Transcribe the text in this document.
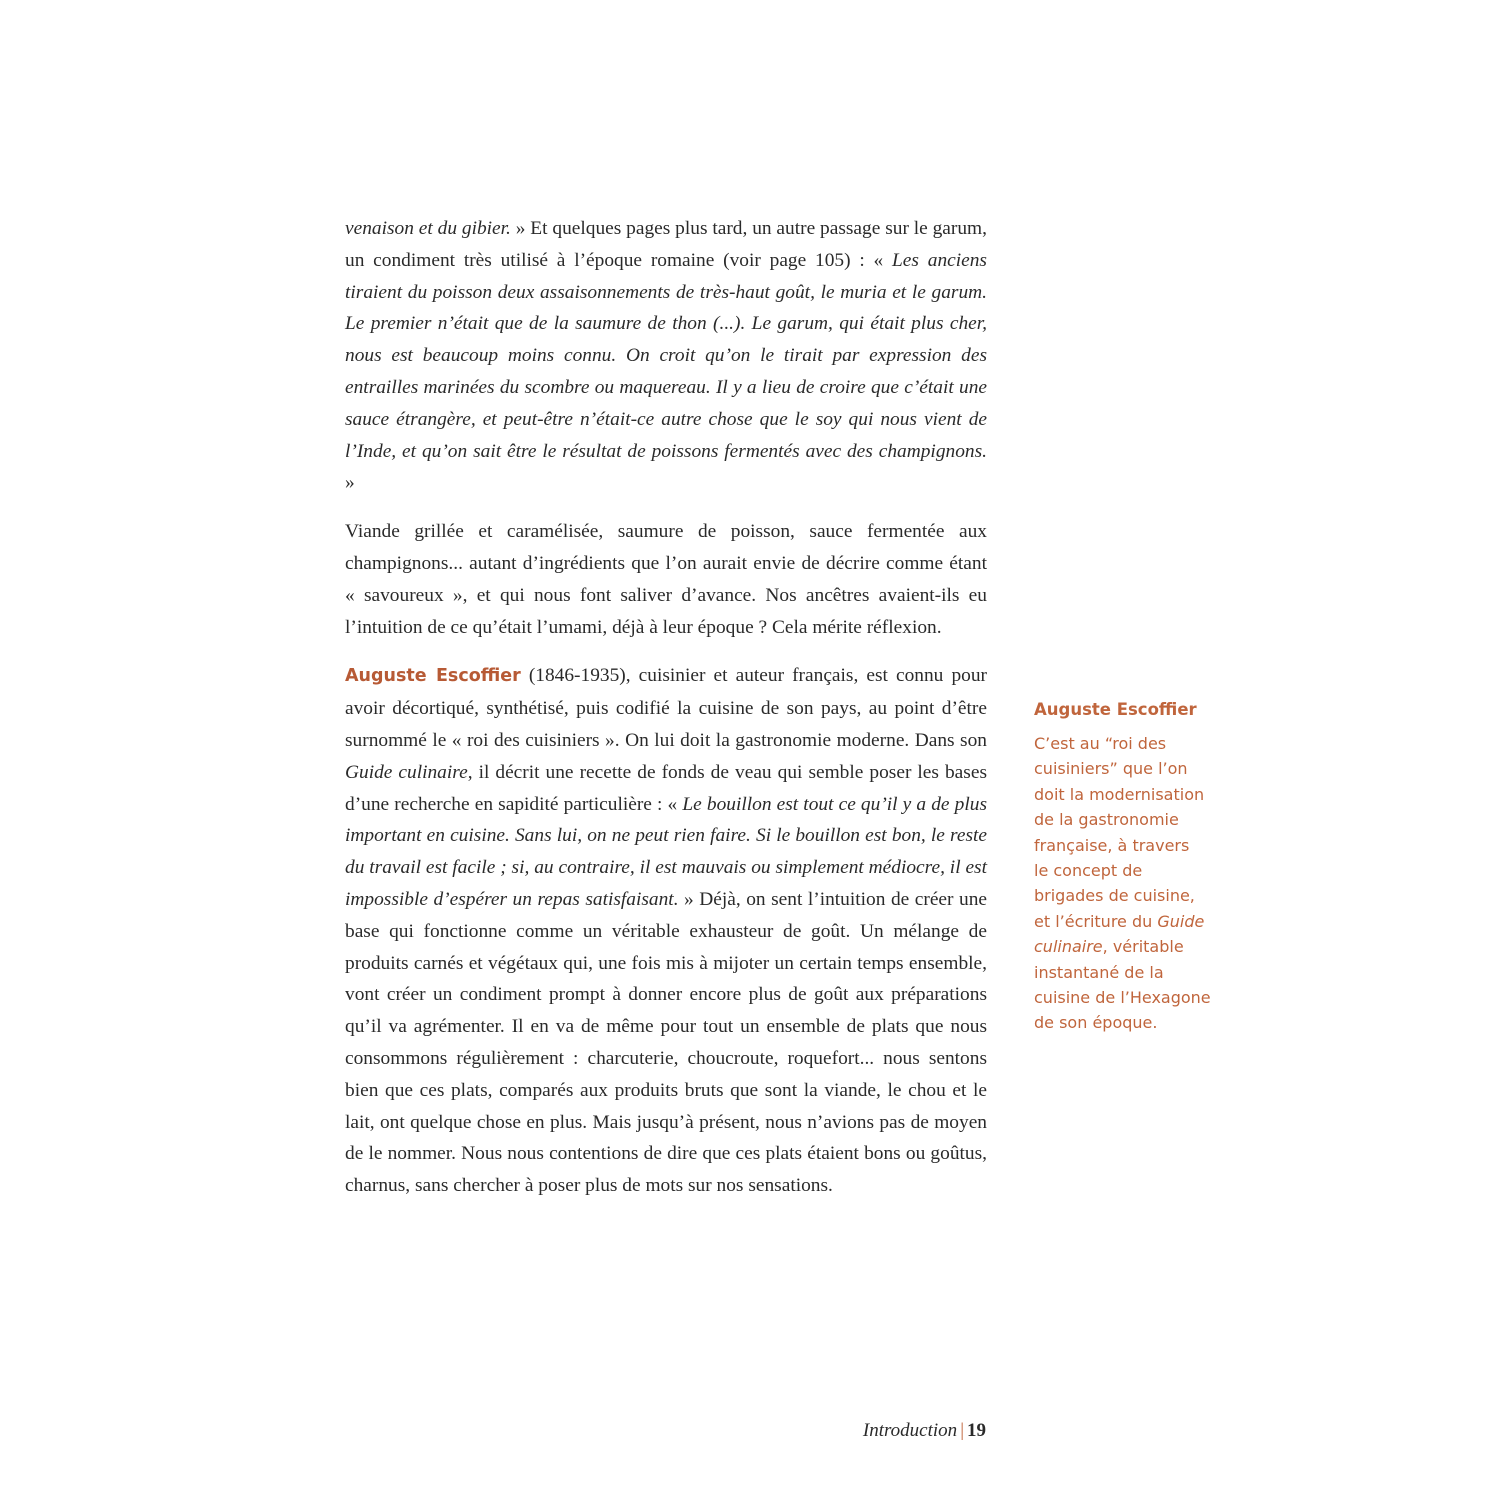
venaison et du gibier. » Et quelques pages plus tard, un autre passage sur le garum, un condiment très utilisé à l’époque romaine (voir page 105) : « Les anciens tiraient du poisson deux assaisonnements de très-haut goût, le muria et le garum. Le premier n’était que de la saumure de thon (...). Le garum, qui était plus cher, nous est beaucoup moins connu. On croit qu’on le tirait par expression des entrailles marinées du scombre ou maquereau. Il y a lieu de croire que c’était une sauce étrangère, et peut-être n’était-ce autre chose que le soy qui nous vient de l’Inde, et qu’on sait être le résultat de poissons fermentés avec des champignons. »

Viande grillée et caramélisée, saumure de poisson, sauce fermentée aux champignons... autant d’ingrédients que l’on aurait envie de décrire comme étant « savoureux », et qui nous font saliver d’avance. Nos ancêtres avaient-ils eu l’intuition de ce qu’était l’umami, déjà à leur époque ? Cela mérite réflexion.

Auguste Escoffier (1846-1935), cuisinier et auteur français, est connu pour avoir décortiqué, synthétisé, puis codifié la cuisine de son pays, au point d’être surnommé le « roi des cuisiniers ». On lui doit la gastronomie moderne. Dans son Guide culinaire, il décrit une recette de fonds de veau qui semble poser les bases d’une recherche en sapidité particulière : « Le bouillon est tout ce qu’il y a de plus important en cuisine. Sans lui, on ne peut rien faire. Si le bouillon est bon, le reste du travail est facile ; si, au contraire, il est mauvais ou simplement médiocre, il est impossible d’espérer un repas satisfaisant. » Déjà, on sent l’intuition de créer une base qui fonctionne comme un véritable exhausteur de goût. Un mélange de produits carnés et végétaux qui, une fois mis à mijoter un certain temps ensemble, vont créer un condiment prompt à donner encore plus de goût aux préparations qu’il va agrémenter. Il en va de même pour tout un ensemble de plats que nous consommons régulièrement : charcuterie, choucroute, roquefort... nous sentons bien que ces plats, comparés aux produits bruts que sont la viande, le chou et le lait, ont quelque chose en plus. Mais jusqu’à présent, nous n’avions pas de moyen de le nommer. Nous nous contentions de dire que ces plats étaient bons ou goûtus, charnus, sans chercher à poser plus de mots sur nos sensations.

Auguste Escoffier
C’est au “roi des
cuisiniers” que l’on
doit la modernisation
de la gastronomie
française, à travers
le concept de
brigades de cuisine,
et l’écriture du Guide
culinaire, véritable
instantané de la
cuisine de l’Hexagone
de son époque.
Introduction | 19
